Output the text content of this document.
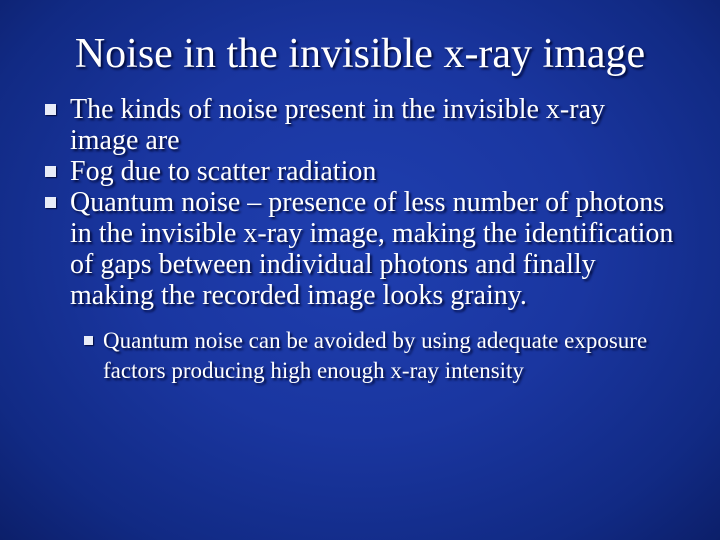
Noise in the invisible x-ray image
The kinds of noise present in the invisible x-ray image are
Fog due to scatter radiation
Quantum noise – presence of less number of photons in the invisible x-ray image, making the identification of gaps between individual photons and finally making the recorded image looks grainy.
Quantum noise can be avoided by using adequate exposure factors producing high enough x-ray intensity
